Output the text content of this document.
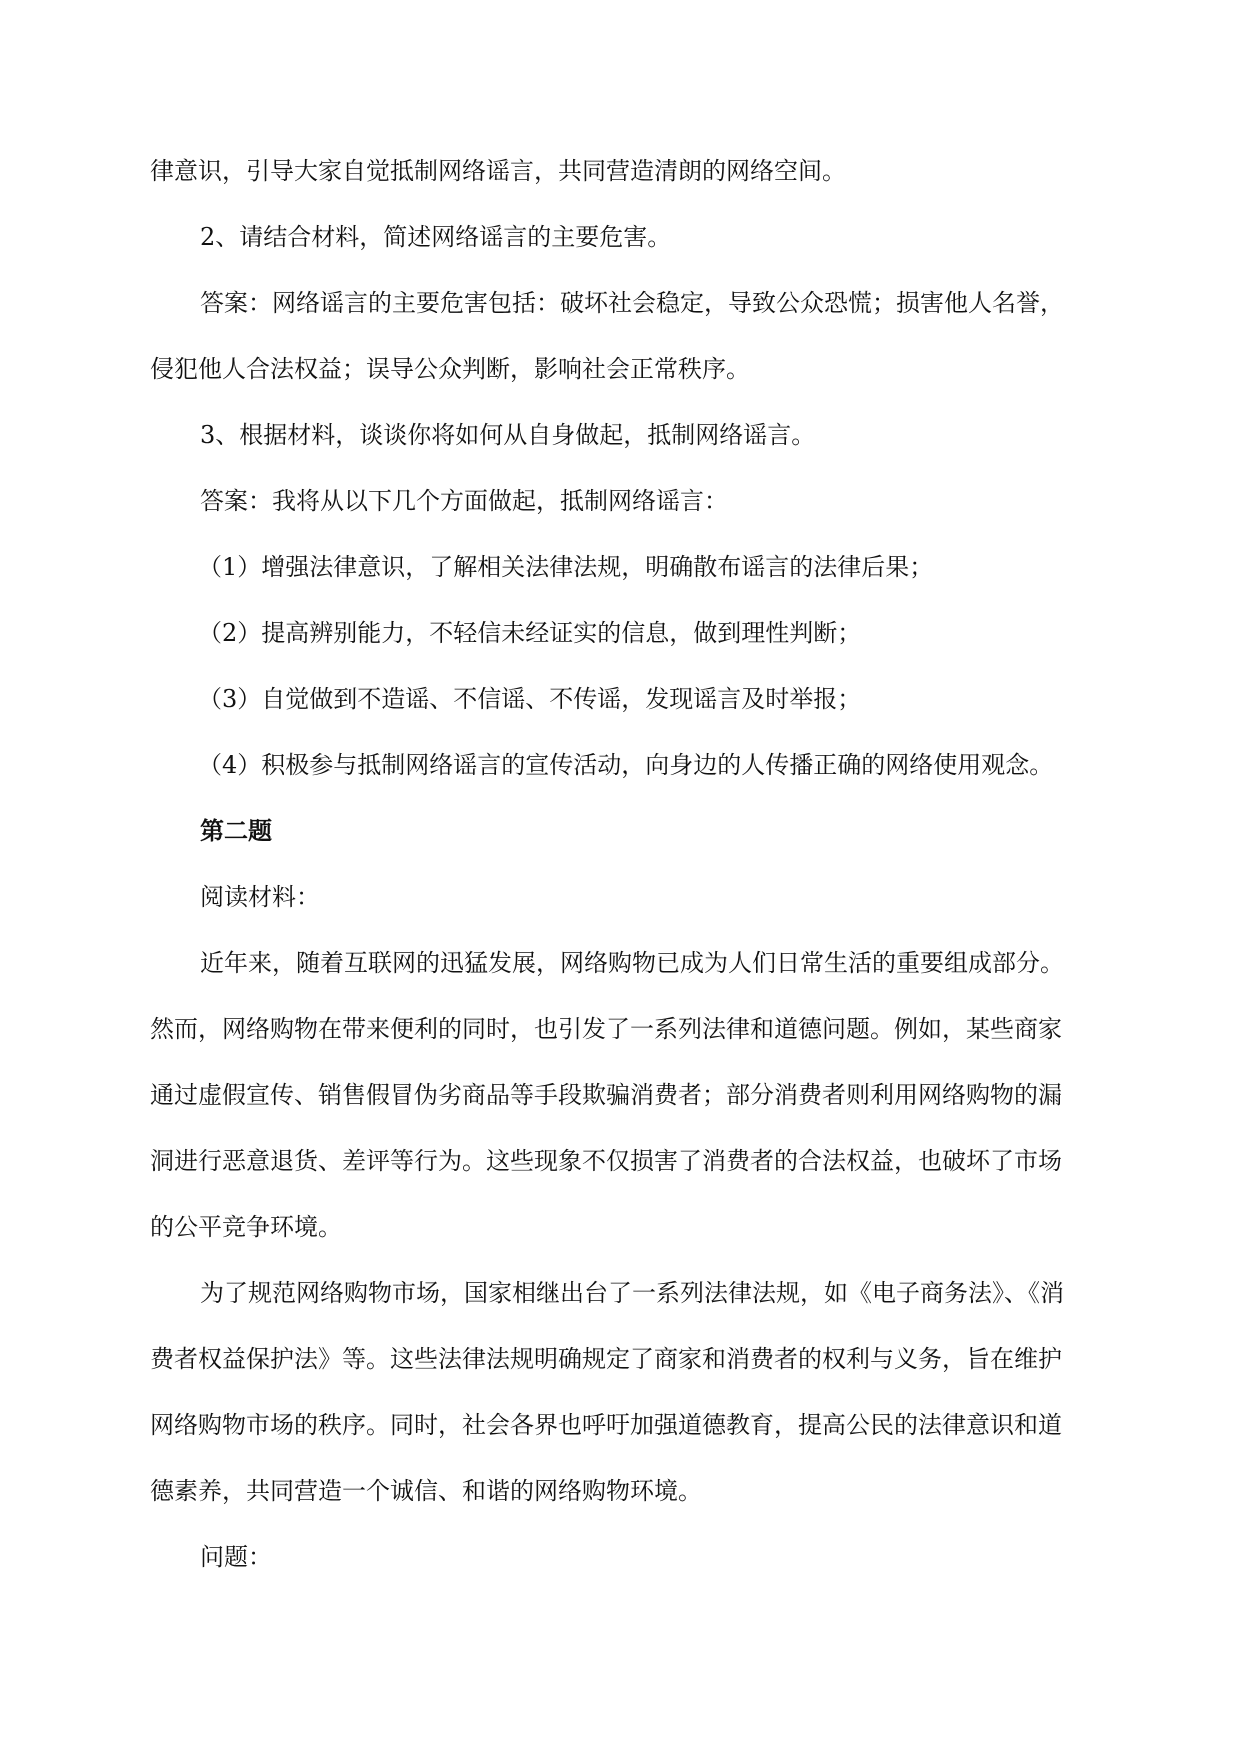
律意识，引导大家自觉抵制网络谣言，共同营造清朗的网络空间。
2、请结合材料，简述网络谣言的主要危害。
答案：网络谣言的主要危害包括：破坏社会稳定，导致公众恐慌；损害他人名誉，
侵犯他人合法权益；误导公众判断，影响社会正常秩序。
3、根据材料，谈谈你将如何从自身做起，抵制网络谣言。
答案：我将从以下几个方面做起，抵制网络谣言：
（1）增强法律意识，了解相关法律法规，明确散布谣言的法律后果；
（2）提高辨别能力，不轻信未经证实的信息，做到理性判断；
（3）自觉做到不造谣、不信谣、不传谣，发现谣言及时举报；
（4）积极参与抵制网络谣言的宣传活动，向身边的人传播正确的网络使用观念。
第二题
阅读材料：
近年来，随着互联网的迅猛发展，网络购物已成为人们日常生活的重要组成部分。
然而，网络购物在带来便利的同时，也引发了一系列法律和道德问题。例如，某些商家
通过虚假宣传、销售假冒伪劣商品等手段欺骗消费者；部分消费者则利用网络购物的漏
洞进行恶意退货、差评等行为。这些现象不仅损害了消费者的合法权益，也破坏了市场
的公平竞争环境。
为了规范网络购物市场，国家相继出台了一系列法律法规，如《电子商务法》、《消
费者权益保护法》等。这些法律法规明确规定了商家和消费者的权利与义务，旨在维护
网络购物市场的秩序。同时，社会各界也呼吁加强道德教育，提高公民的法律意识和道
德素养，共同营造一个诚信、和谐的网络购物环境。
问题：
